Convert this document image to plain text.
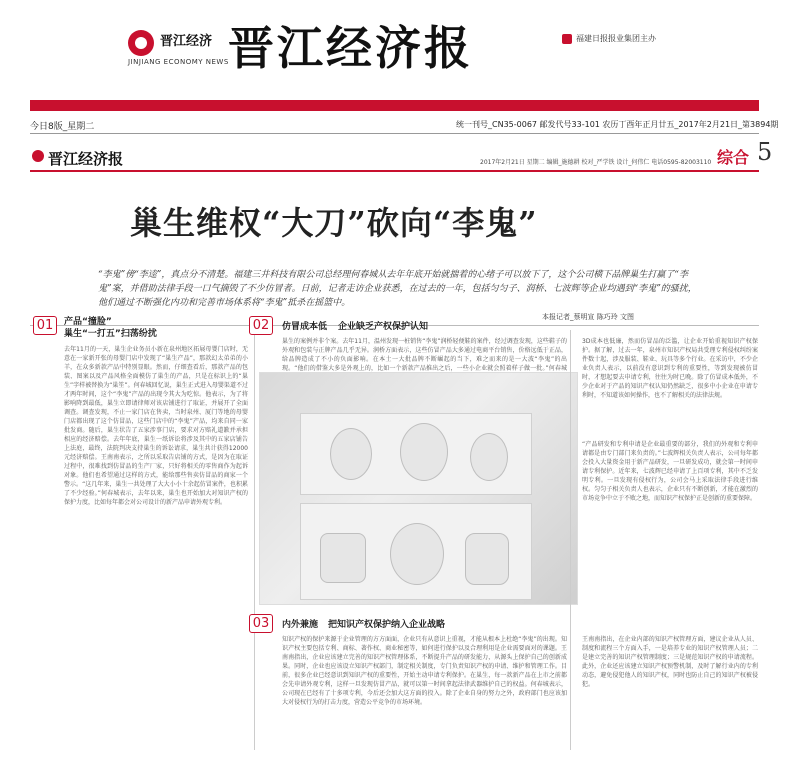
晋江经济
JINJIANG ECONOMY NEWS 晋江经济报	福建日报报业集团主办
今日8版_星期二	统一刊号_CN35-0067 邮发代号33-101 农历丁酉年正月廿五_2017年2月21日_第3894期
晋江经济报	2017年2月21日 星期二 编辑_施德耕 校对_严学铁 设计_何伟仁 电话0595-82003110 综合 5
巢生维权“大刀”砍向“李鬼”
“李鬼”傍“李逵”，真点分不清楚。福建三井科技有限公司总经理何春城从去年年底开始就揣着的心绪子可以放下了，这个公司横下品牌巢生打赢了“李鬼”案，并借助法律手段一口气摘毁了不少仿冒者。日前，记者走访企业获悉，在过去的一年，包括匀匀子、润桥、七波辉等企业均遇到“李鬼”的骚扰，他们通过不断强化内功和完善市场体系将“李鬼”抵杀在摇篮中。
本报记者_蔡明宣 陈巧玲 文图
01	产品“撞脸”
巢生“一打五”扫荡纷扰
去年11月的一天，巢生企业务员小新在泉州地区拓展母婴门店时，无意在一家新开张的母婴门店中发现了“巢生产品”，那款幻太弟弟的小羊，在众多新款产品中特别显眼。然而，仔细查看后，那款产品的包装、图案以及产品风格全面模仿了巢生的产品，只是在标识上的“巢生”字样被替换为“巢笙”。何春城回忆说，巢生正式进入母婴渠道不过才两年时间，这个“李鬼”产品的出现令其大为吃惊。他表示，为了将影响降到最低，巢生立即请律师对该店铺进行了取证，并展开了全面调查。调查发现，不止一家门店在售卖，当时泉州、厦门等地的母婴门店都出现了这个仿冒品，这些门店中的“李鬼”产品，均来自同一家批发商。随后，巢生状告了五家涉事门店，要求对方赔礼道歉并承担相应的经济赔偿。去年年底，巢生一纸诉讼将涉及其中的五家店铺告上法庭，最终，法院判决支持巢生的诉讼请求，巢生共计获得12000元经济赔偿。王南南表示，之所以采取告店铺的方式，是因为在取证过程中，很难找到仿冒品的生产厂家，只好将相关的零售商作为起诉对象。他们也希望通过这样的方式，能给那些售卖仿冒品的商家一个警示。“这几年来，巢生一共处理了大大小小十余起仿冒案件，也积累了不少经验。”何春城表示，去年以来，巢生也开始加大对知识产权的保护力度，比如每年都会对公司设计的新产品申请外观专利。
02	仿冒成本低 企业缺乏产权保护认知
巢生的案例并非个案。去年11月，温州发现一桩销售“李鬼”润桥轻便鞋的案件，经过调查发现，这些鞋子的外观和包装与正牌产品几乎无异。润桥方面表示，这些仿冒产品大多通过电商平台销售，价格远低于正品，给品牌造成了不小的负面影响。在本土一大批品牌不断崛起的当下，难之而来的是一大波“李鬼”的出现。“他们的借鉴大多是外观上的，比如一个新款产品推出之后，一些小企业就会照着样子做一批。”何春城
03	内外兼施 把知识产权保护纳入企业战略
知识产权的保护来源于企业管理的方方面面，企业只有从意识上重视，才能从根本上杜绝“李鬼”的出现。知识产权主要包括专利、商标、著作权、商业秘密等，如何进行保护以及合理利用是企业需要面对的课题。王南南指出，企业应该建立完善的知识产权管理体系，不断提升产品的研发能力，从源头上保护自己的创新成果。同时，企业也应该设立知识产权部门，制定相关制度，专门负责知识产权的申请、维护和管理工作。目前，很多企业已经意识到知识产权的重要性，开始主动申请专利保护。在巢生，每一款新产品在上市之前都会先申请外观专利，这样一旦发现仿冒产品，就可以第一时间拿起法律武器维护自己的权益。何春城表示，公司现在已经有了十多项专利，今后还会加大这方面的投入。除了企业自身的努力之外，政府部门也应该加大对侵权行为的打击力度，营造公平竞争的市场环境。
3D成本也低廉，然而仿冒品的泛滥，让企业开始重视知识产权保护。据了解，过去一年，泉州市知识产权局共受理专利侵权纠纷案件数十起，涉及服装、鞋业、玩具等多个行业。在采访中，不少企业负责人表示，以前没有意识到专利的重要性，等到发现被仿冒时，才想起要去申请专利，往往为时已晚。除了仿冒成本低外，不少企业对于产品的知识产权认知仍然缺乏，很多中小企业在申请专利时，不知道该如何操作，也不了解相关的法律法规。
“产品研发和专利申请是企业最重要的部分，我们的外观和专利申请都是由专门部门来负责的。”七波辉相关负责人表示，公司每年都会投入大量资金用于新产品研发，一旦研发成功，就会第一时间申请专利保护。近年来，七波辉已经申请了上百项专利，其中不乏发明专利。一旦发现有侵权行为，公司会马上采取法律手段进行维权。匀匀子相关负责人也表示，企业只有不断创新，才能在激烈的市场竞争中立于不败之地，而知识产权保护正是创新的重要保障。
王南南指出，在企业内部的知识产权管理方面，建议企业从人员、制度和流程三个方面入手，一是培养专业的知识产权管理人员；二是建立完善的知识产权管理制度；三是规范知识产权的申请流程。此外，企业还应该建立知识产权预警机制，及时了解行业内的专利动态，避免侵犯他人的知识产权，同时也防止自己的知识产权被侵犯。
